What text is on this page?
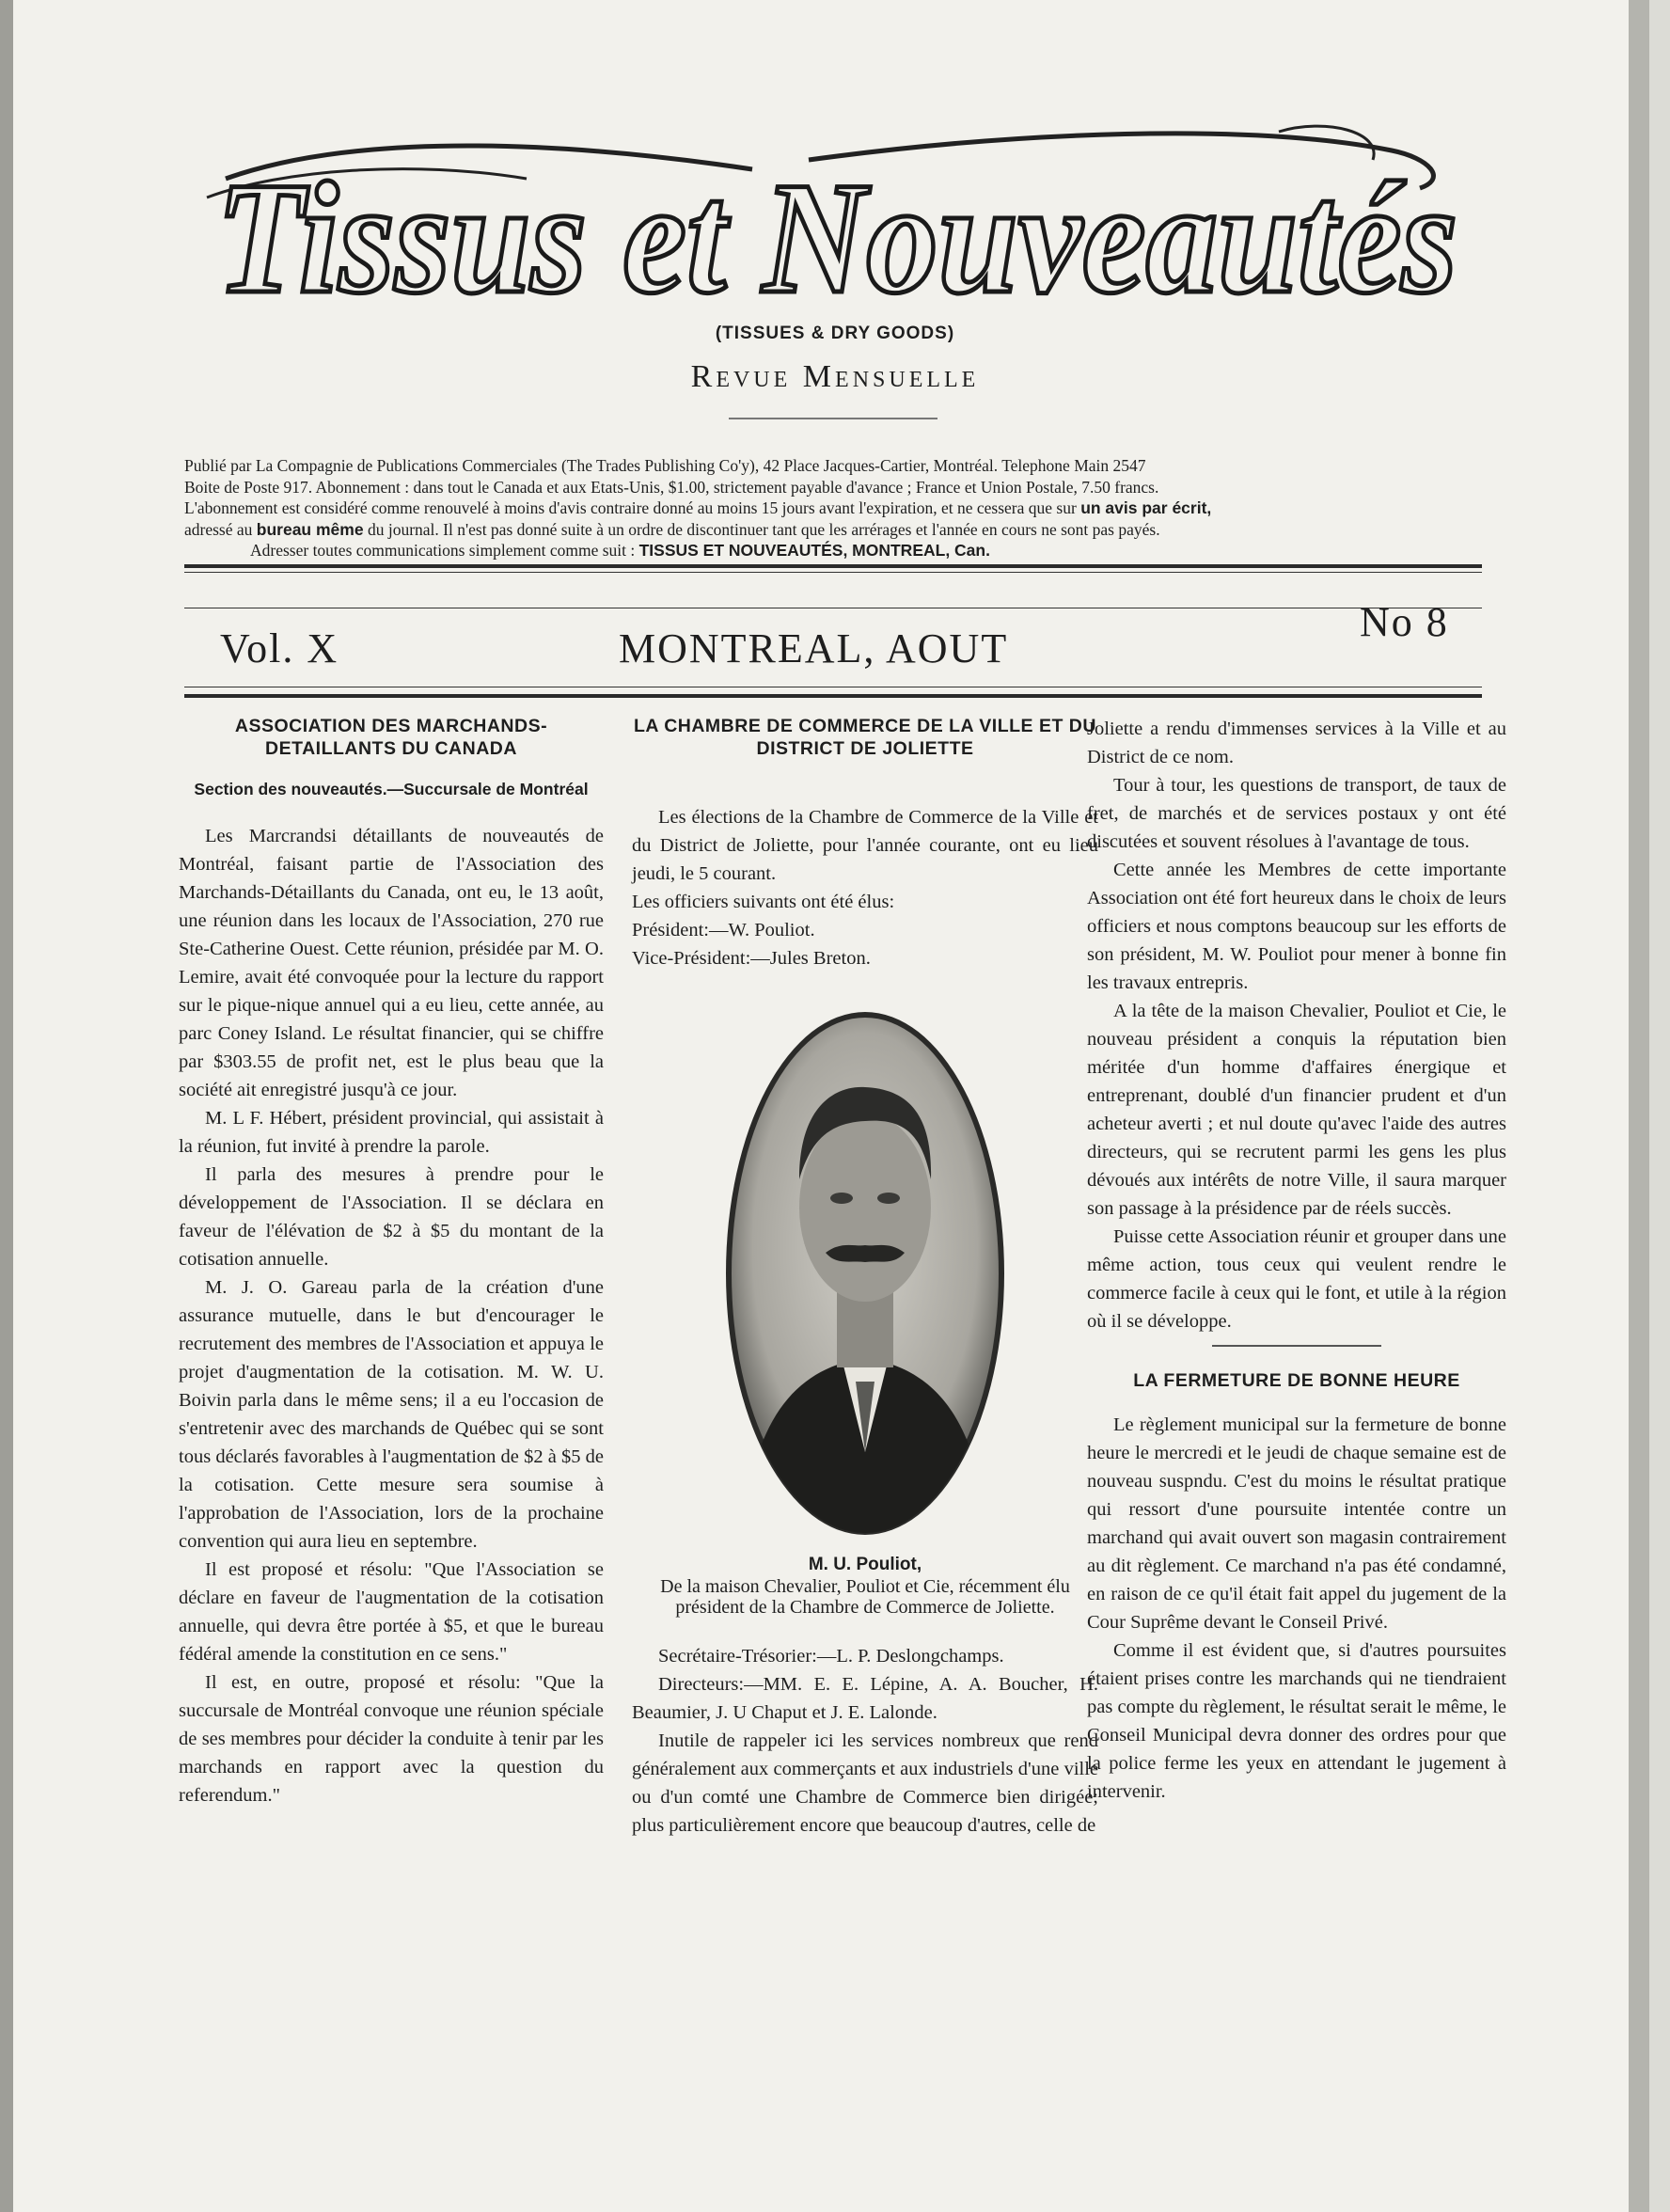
Tissus et Nouveautés
(TISSUES & DRY GOODS)
Revue Mensuelle

Publié par La Compagnie de Publications Commerciales (The Trades Publishing Co'y), 42 Place Jacques-Cartier, Montréal. Telephone Main 2547

Boite de Poste 917. Abonnement : dans tout le Canada et aux Etats-Unis, $1.00, strictement payable d'avance ; France et Union Postale, 7.50 francs.

L'abonnement est considéré comme renouvelé à moins d'avis contraire donné au moins 15 jours avant l'expiration, et ne cessera que sur un avis par écrit,

adressé au bureau même du journal. Il n'est pas donné suite à un ordre de discontinuer tant que les arrérages et l'année en cours ne sont pas payés.

Adresser toutes communications simplement comme suit : TISSUS ET NOUVEAUTÉS, MONTREAL, Can.

Vol. X	MONTREAL, AOUT
No 8
ASSOCIATION DES MARCHANDS-DETAILLANTS DU CANADA
Section des nouveautés.—Succursale de Montréal

Les Marcrandsi détaillants de nouveautés de Montréal, faisant partie de l'Association des Marchands-Détaillants du Canada, ont eu, le 13 août, une réunion dans les locaux de l'Association, 270 rue Ste-Catherine Ouest. Cette réunion, présidée par M. O. Lemire, avait été convoquée pour la lecture du rapport sur le pique-nique annuel qui a eu lieu, cette année, au parc Coney Island. Le résultat financier, qui se chiffre par $303.55 de profit net, est le plus beau que la société ait enregistré jusqu'à ce jour.

M. L F. Hébert, président provincial, qui assistait à la réunion, fut invité à prendre la parole.

Il parla des mesures à prendre pour le développement de l'Association. Il se déclara en faveur de l'élévation de $2 à $5 du montant de la cotisation annuelle.

M. J. O. Gareau parla de la création d'une assurance mutuelle, dans le but d'encourager le recrutement des membres de l'Association et appuya le projet d'augmentation de la cotisation. M. W. U. Boivin parla dans le même sens; il a eu l'occasion de s'entretenir avec des marchands de Québec qui se sont tous déclarés favorables à l'augmentation de $2 à $5 de la cotisation. Cette mesure sera soumise à l'approbation de l'Association, lors de la prochaine convention qui aura lieu en septembre.

Il est proposé et résolu: "Que l'Association se déclare en faveur de l'augmentation de la cotisation annuelle, qui devra être portée à $5, et que le bureau fédéral amende la constitution en ce sens."

Il est, en outre, proposé et résolu: "Que la succursale de Montréal convoque une réunion spéciale de ses membres pour décider la conduite à tenir par les marchands en rapport avec la question du referendum."

LA CHAMBRE DE COMMERCE DE LA VILLE ET DU DISTRICT DE JOLIETTE

Les élections de la Chambre de Commerce de la Ville et du District de Joliette, pour l'année courante, ont eu lieu jeudi, le 5 courant.

Les officiers suivants ont été élus:

Président:—W. Pouliot.

Vice-Président:—Jules Breton.

M. U. Pouliot,
De la maison Chevalier, Pouliot et Cie, récemment élu président de la Chambre de Commerce de Joliette.

Secrétaire-Trésorier:—L. P. Deslongchamps.

Directeurs:—MM. E. E. Lépine, A. A. Boucher, H. Beaumier, J. U Chaput et J. E. Lalonde.

Inutile de rappeler ici les services nombreux que rend généralement aux commerçants et aux industriels d'une ville ou d'un comté une Chambre de Commerce bien dirigée; plus particulièrement encore que beaucoup d'autres, celle de

Joliette a rendu d'immenses services à la Ville et au District de ce nom.

Tour à tour, les questions de transport, de taux de fret, de marchés et de services postaux y ont été discutées et souvent résolues à l'avantage de tous.

Cette année les Membres de cette importante Association ont été fort heureux dans le choix de leurs officiers et nous comptons beaucoup sur les efforts de son président, M. W. Pouliot pour mener à bonne fin les travaux entrepris.

A la tête de la maison Chevalier, Pouliot et Cie, le nouveau président a conquis la réputation bien méritée d'un homme d'affaires énergique et entreprenant, doublé d'un financier prudent et d'un acheteur averti ; et nul doute qu'avec l'aide des autres directeurs, qui se recrutent parmi les gens les plus dévoués aux intérêts de notre Ville, il saura marquer son passage à la présidence par de réels succès.

Puisse cette Association réunir et grouper dans une même action, tous ceux qui veulent rendre le commerce facile à ceux qui le font, et utile à la région où il se développe.

LA FERMETURE DE BONNE HEURE

Le règlement municipal sur la fermeture de bonne heure le mercredi et le jeudi de chaque semaine est de nouveau suspndu. C'est du moins le résultat pratique qui ressort d'une poursuite intentée contre un marchand qui avait ouvert son magasin contrairement au dit règlement. Ce marchand n'a pas été condamné, en raison de ce qu'il était fait appel du jugement de la Cour Suprême devant le Conseil Privé.

Comme il est évident que, si d'autres poursuites étaient prises contre les marchands qui ne tiendraient pas compte du règlement, le résultat serait le même, le Conseil Municipal devra donner des ordres pour que la police ferme les yeux en attendant le jugement à intervenir.
